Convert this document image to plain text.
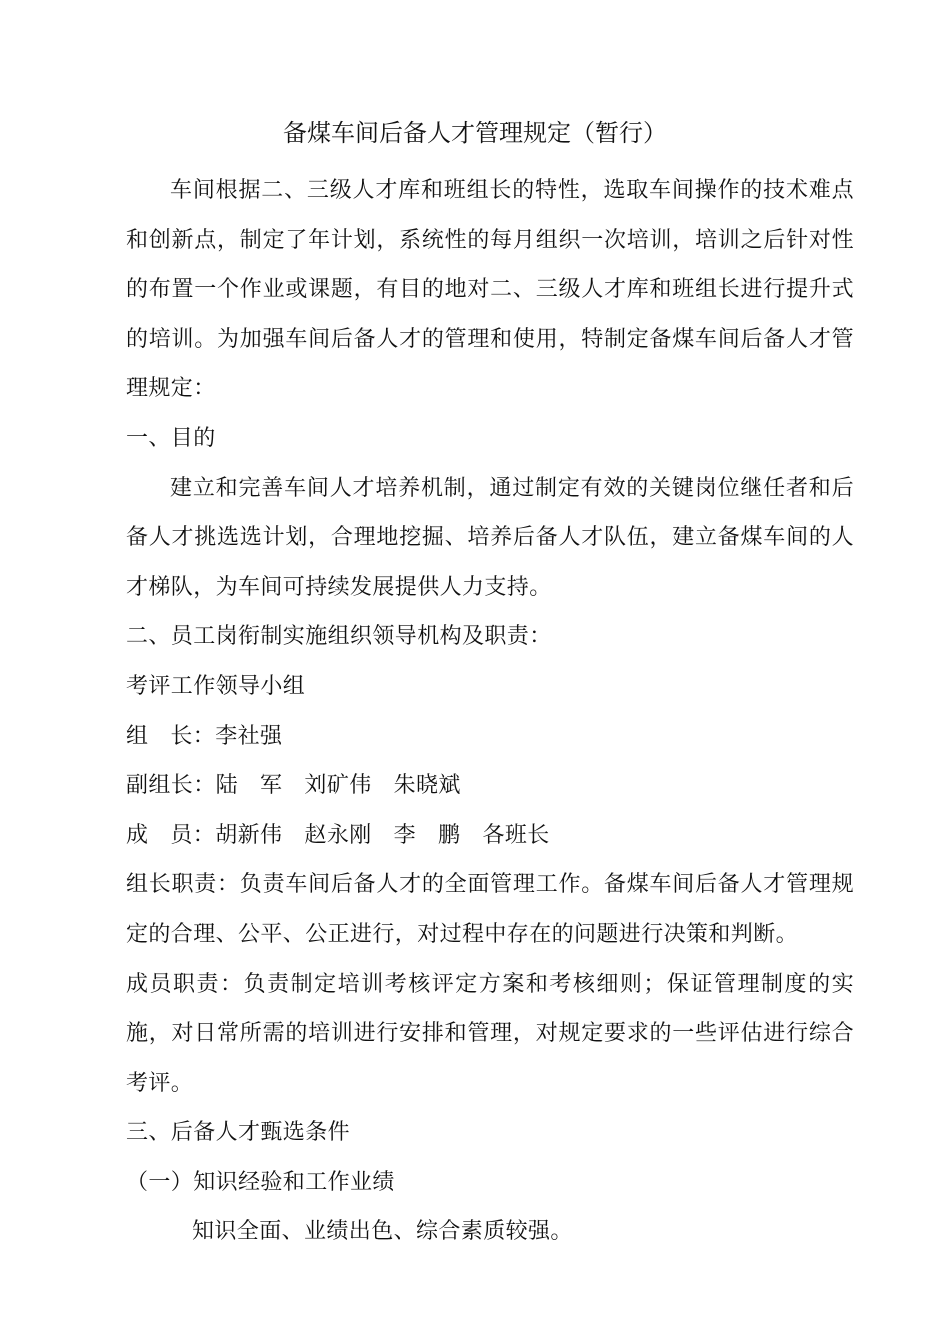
备煤车间后备人才管理规定（暂行）

车间根据二、三级人才库和班组长的特性，选取车间操作的技术难点和创新点，制定了年计划，系统性的每月组织一次培训，培训之后针对性的布置一个作业或课题，有目的地对二、三级人才库和班组长进行提升式的培训。为加强车间后备人才的管理和使用，特制定备煤车间后备人才管理规定：

一、目的

建立和完善车间人才培养机制，通过制定有效的关键岗位继任者和后备人才挑选选计划，合理地挖掘、培养后备人才队伍，建立备煤车间的人才梯队，为车间可持续发展提供人力支持。

二、员工岗衔制实施组织领导机构及职责：

考评工作领导小组

组 长：李社强

副组长：陆 军 刘矿伟 朱晓斌

成 员：胡新伟 赵永刚 李 鹏 各班长

组长职责：负责车间后备人才的全面管理工作。备煤车间后备人才管理规定的合理、公平、公正进行，对过程中存在的问题进行决策和判断。

成员职责：负责制定培训考核评定方案和考核细则；保证管理制度的实施，对日常所需的培训进行安排和管理，对规定要求的一些评估进行综合考评。

三、后备人才甄选条件

（一）知识经验和工作业绩

知识全面、业绩出色、综合素质较强。
